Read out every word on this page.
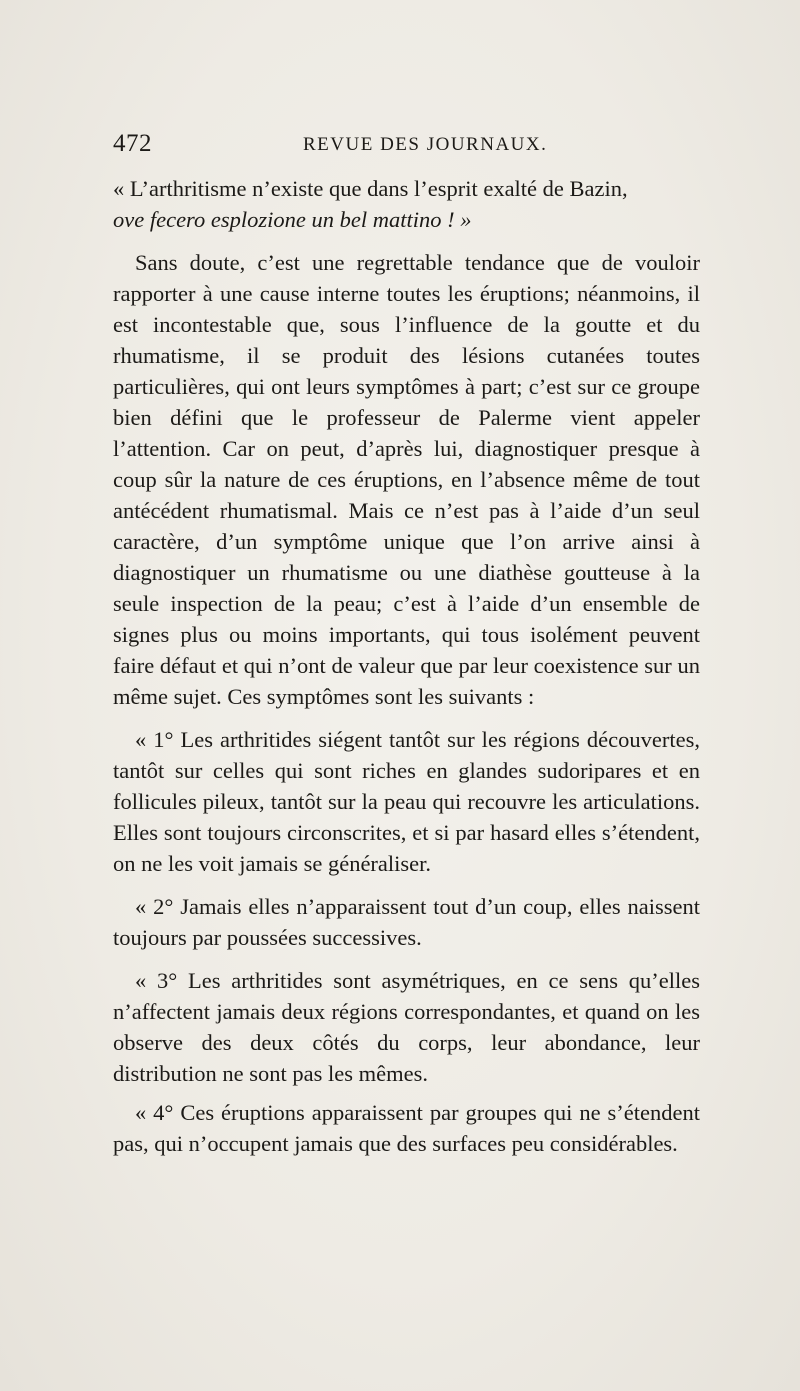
472	REVUE DES JOURNAUX.

« L’arthritisme n’existe que dans l’esprit exalté de Bazin,

ove fecero esplozione un bel mattino ! »

Sans doute, c’est une regrettable tendance que de vouloir rapporter à une cause interne toutes les éruptions; néanmoins, il est incontestable que, sous l’influence de la goutte et du rhumatisme, il se produit des lésions cutanées toutes particulières, qui ont leurs symptômes à part; c’est sur ce groupe bien défini que le professeur de Palerme vient appeler l’attention. Car on peut, d’après lui, diagnostiquer presque à coup sûr la nature de ces éruptions, en l’absence même de tout antécédent rhumatismal. Mais ce n’est pas à l’aide d’un seul caractère, d’un symptôme unique que l’on arrive ainsi à diagnostiquer un rhumatisme ou une diathèse goutteuse à la seule inspection de la peau; c’est à l’aide d’un ensemble de signes plus ou moins importants, qui tous isolément peuvent faire défaut et qui n’ont de valeur que par leur coexistence sur un même sujet. Ces symptômes sont les suivants :

« 1° Les arthritides siégent tantôt sur les régions découvertes, tantôt sur celles qui sont riches en glandes sudoripares et en follicules pileux, tantôt sur la peau qui recouvre les articulations. Elles sont toujours circonscrites, et si par hasard elles s’étendent, on ne les voit jamais se généraliser.

« 2° Jamais elles n’apparaissent tout d’un coup, elles naissent toujours par poussées successives.

« 3° Les arthritides sont asymétriques, en ce sens qu’elles n’affectent jamais deux régions correspondantes, et quand on les observe des deux côtés du corps, leur abondance, leur distribution ne sont pas les mêmes.

« 4° Ces éruptions apparaissent par groupes qui ne s’étendent pas, qui n’occupent jamais que des surfaces peu considérables.
